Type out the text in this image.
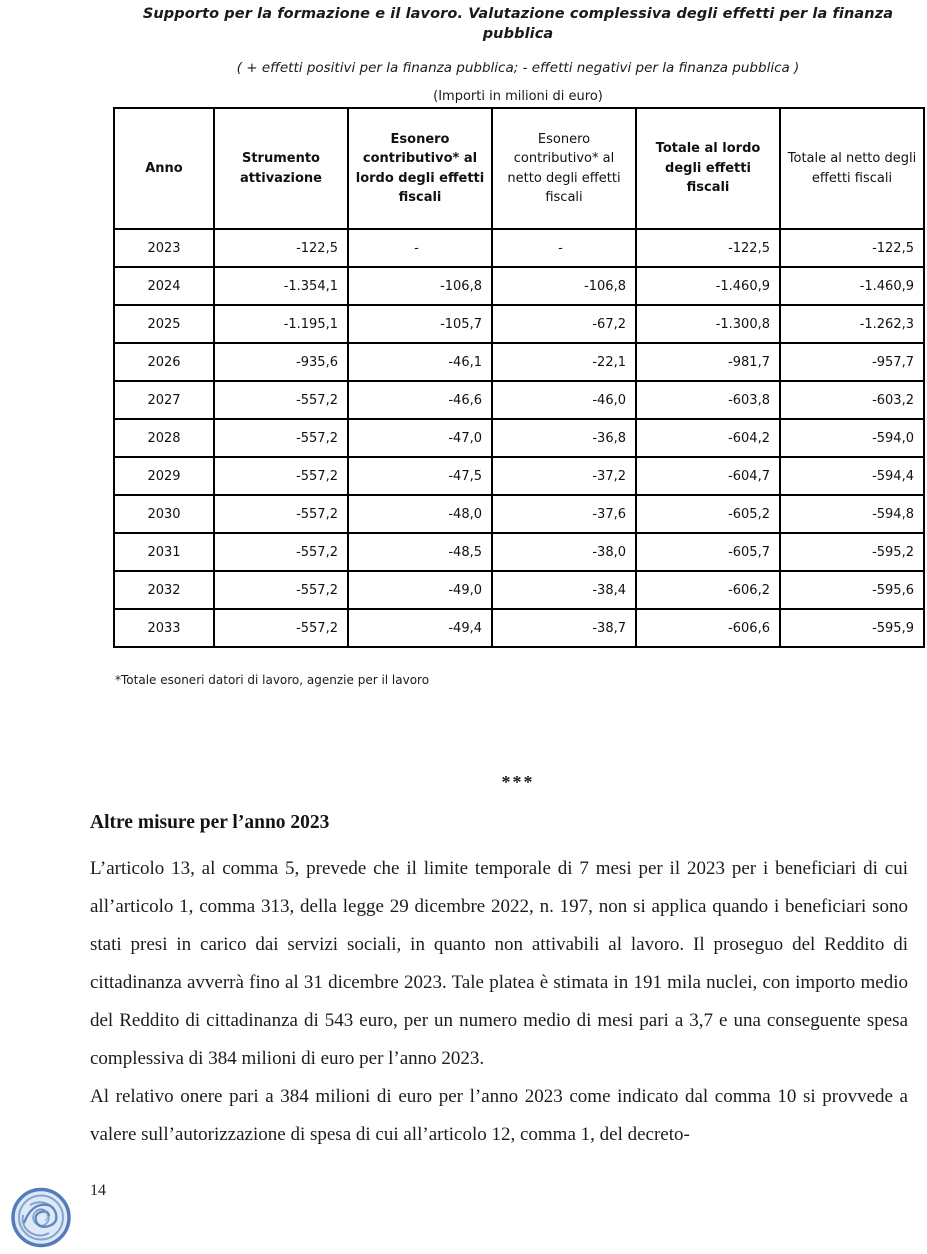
Supporto per la formazione e il lavoro. Valutazione complessiva degli effetti per la finanza pubblica
( + effetti positivi per la finanza pubblica; - effetti negativi per la finanza pubblica )
(Importi in milioni di euro)
Anno	Strumento attivazione	Esonero contributivo* al lordo degli effetti fiscali	Esonero contributivo* al netto degli effetti fiscali	Totale al lordo degli effetti fiscali	Totale al netto degli effetti fiscali
2023	-122,5	-	-	-122,5	-122,5
2024	-1.354,1	-106,8	-106,8	-1.460,9	-1.460,9
2025	-1.195,1	-105,7	-67,2	-1.300,8	-1.262,3
2026	-935,6	-46,1	-22,1	-981,7	-957,7
2027	-557,2	-46,6	-46,0	-603,8	-603,2
2028	-557,2	-47,0	-36,8	-604,2	-594,0
2029	-557,2	-47,5	-37,2	-604,7	-594,4
2030	-557,2	-48,0	-37,6	-605,2	-594,8
2031	-557,2	-48,5	-38,0	-605,7	-595,2
2032	-557,2	-49,0	-38,4	-606,2	-595,6
2033	-557,2	-49,4	-38,7	-606,6	-595,9
*Totale esoneri datori di lavoro, agenzie per il lavoro
***
Altre misure per l’anno 2023

L’articolo 13, al comma 5, prevede che il limite temporale di 7 mesi per il 2023 per i beneficiari di cui all’articolo 1, comma 313, della legge 29 dicembre 2022, n. 197, non si applica quando i beneficiari sono stati presi in carico dai servizi sociali, in quanto non attivabili al lavoro. Il proseguo del Reddito di cittadinanza avverrà fino al 31 dicembre 2023. Tale platea è stimata in 191 mila nuclei, con importo medio del Reddito di cittadinanza di 543 euro, per un numero medio di mesi pari a 3,7 e una conseguente spesa complessiva di 384 milioni di euro per l’anno 2023.

Al relativo onere pari a 384 milioni di euro per l’anno 2023 come indicato dal comma 10 si provvede a valere sull’autorizzazione di spesa di cui all’articolo 12, comma 1, del decreto-

14
